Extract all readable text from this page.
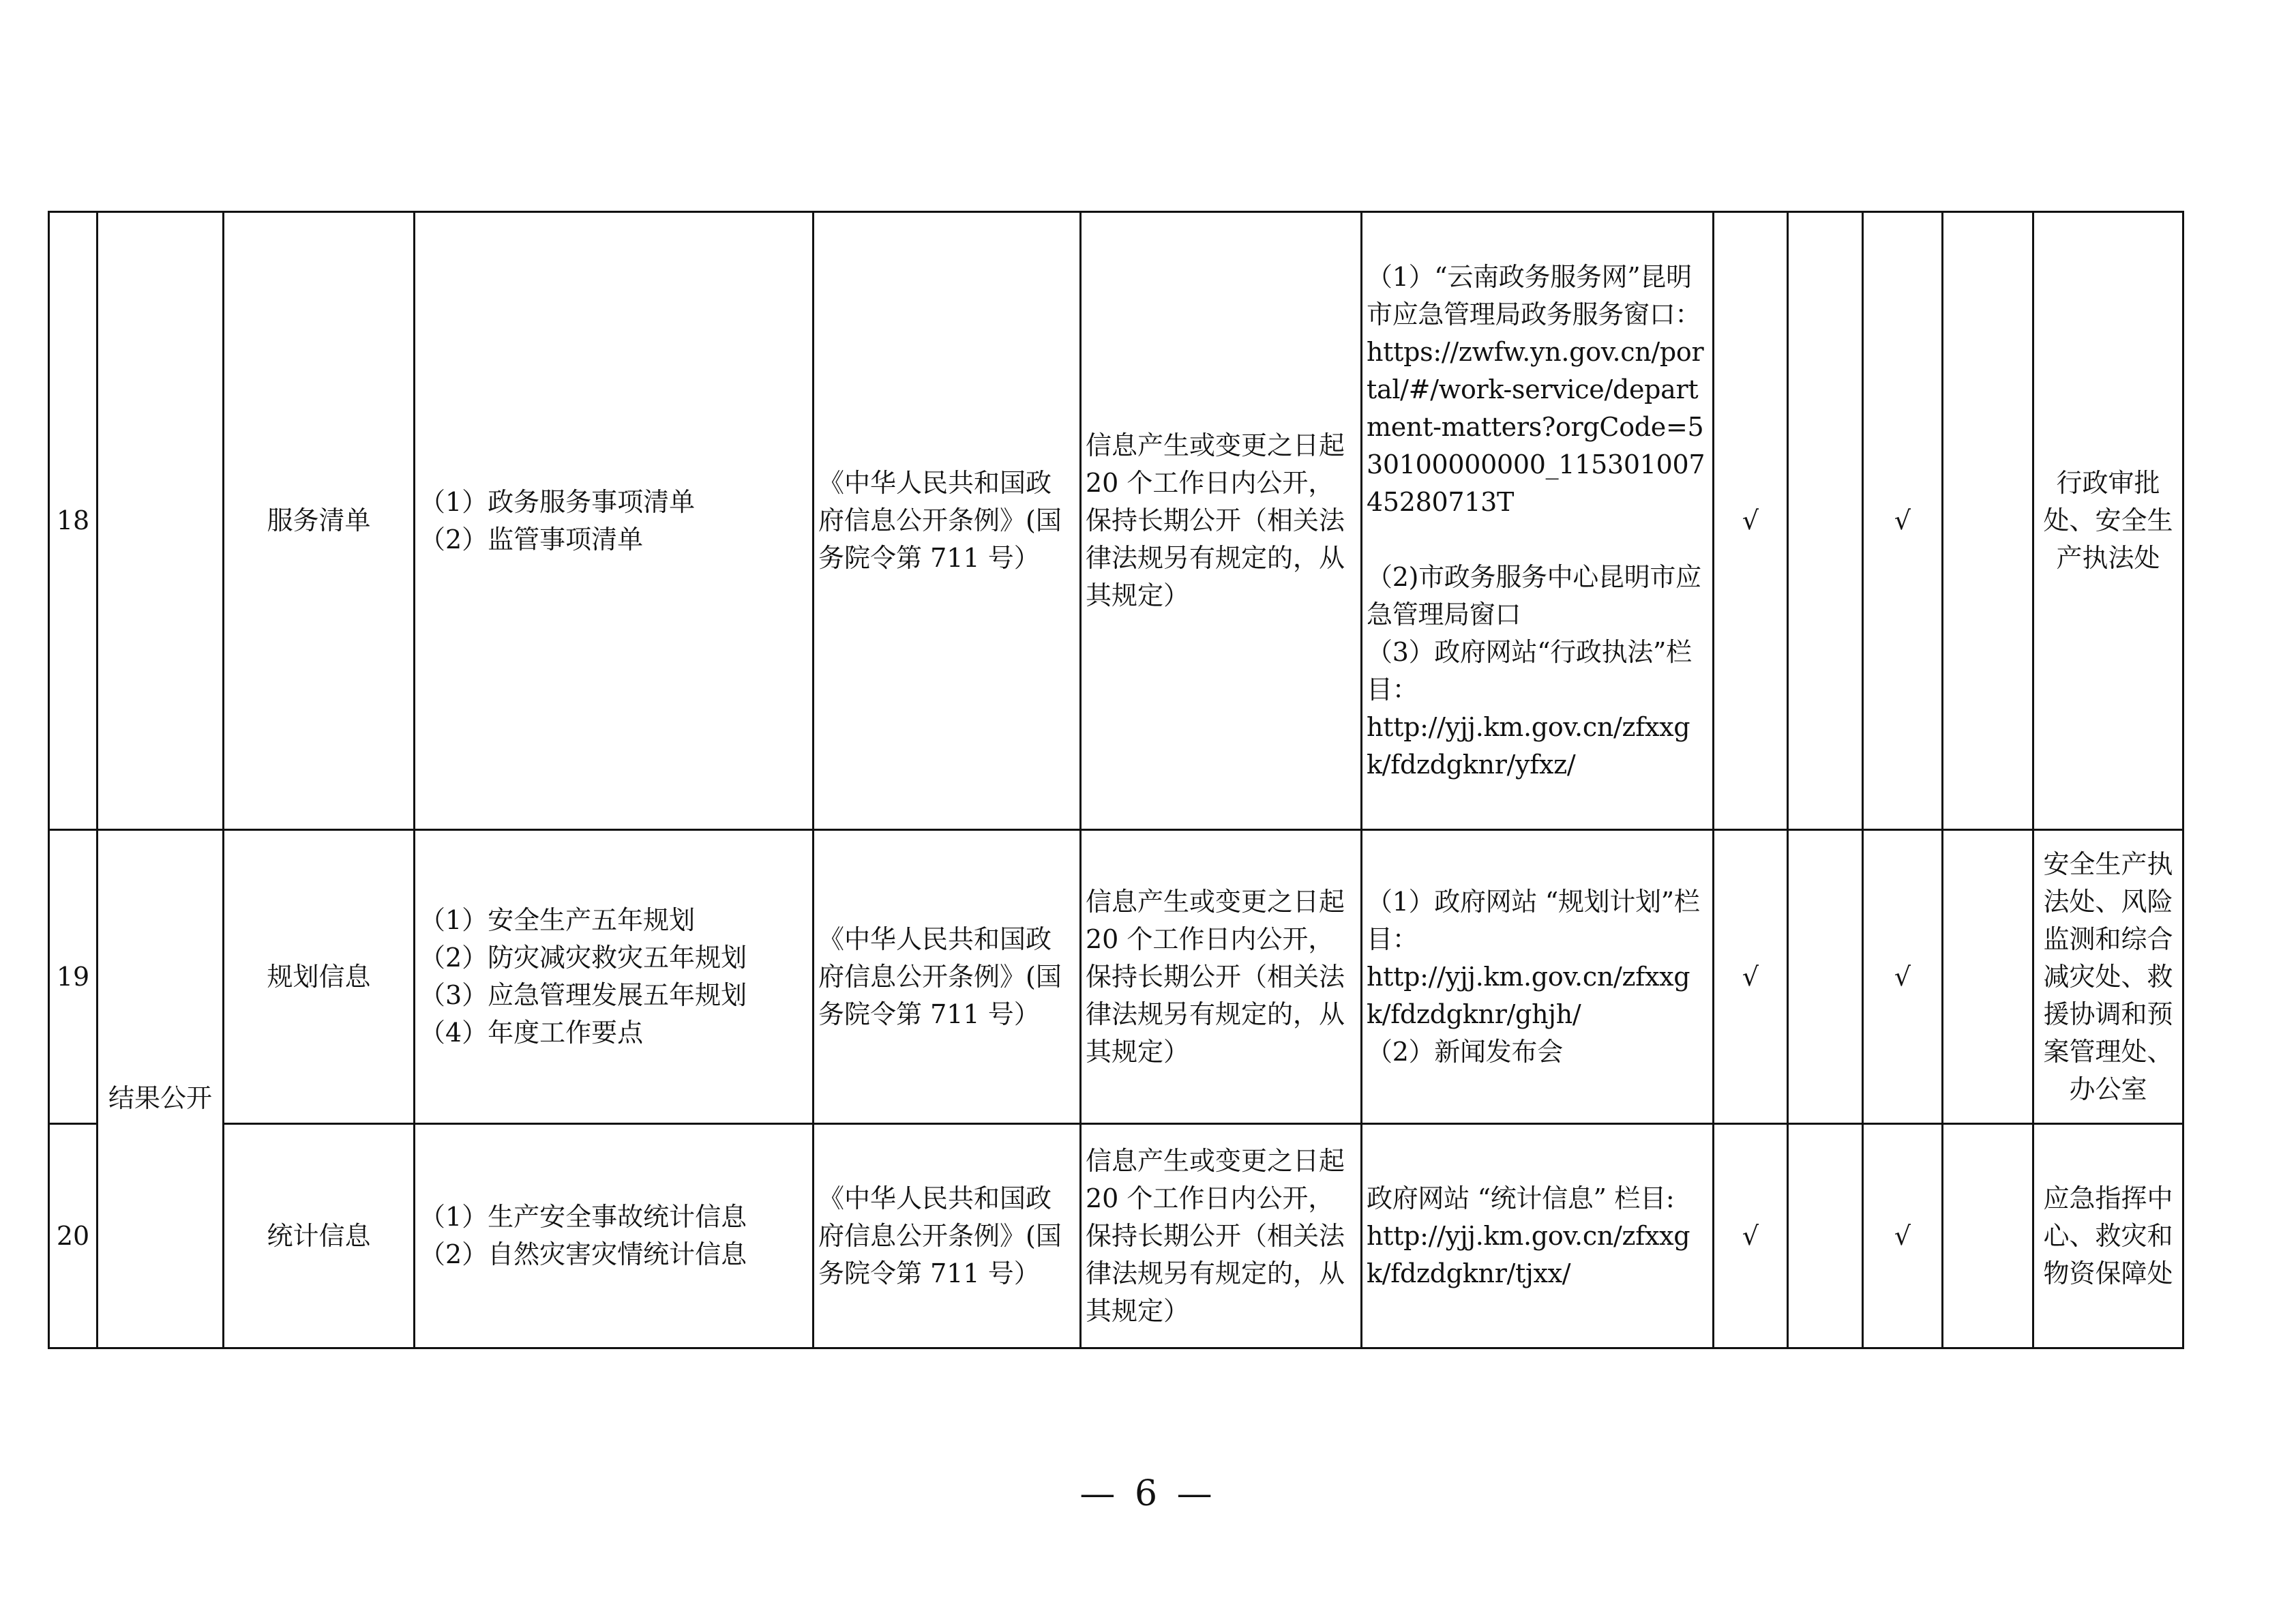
18		服务清单	（1）政务服务事项清单
（2）监管事项清单	《中华人民共和国政府信息公开条例》(国务院令第 711 号）	信息产生或变更之日起 20 个工作日内公开，保持长期公开（相关法律法规另有规定的，从其规定）	（1）“云南政务服务网”昆明市应急管理局政务服务窗口：
https://zwfw.yn.gov.cn/portal/#/work-service/department-matters?orgCode=530100000000_11530100745280713T
（2)市政务服务中心昆明市应急管理局窗口
（3）政府网站“行政执法”栏目：
http://yjj.km.gov.cn/zfxxgk/fdzdgknr/yfxz/	√		√		行政审批处、安全生产执法处
19	结果公开	规划信息	（1）安全生产五年规划
（2）防灾减灾救灾五年规划
（3）应急管理发展五年规划
（4）年度工作要点	《中华人民共和国政府信息公开条例》(国务院令第 711 号）	信息产生或变更之日起 20 个工作日内公开，保持长期公开（相关法律法规另有规定的，从其规定）	（1）政府网站 “规划计划”栏目：
http://yjj.km.gov.cn/zfxxgk/fdzdgknr/ghjh/
（2）新闻发布会	√		√		安全生产执法处、风险监测和综合减灾处、救援协调和预案管理处、办公室
20		统计信息	（1）生产安全事故统计信息
（2）自然灾害灾情统计信息	《中华人民共和国政府信息公开条例》(国务院令第 711 号）	信息产生或变更之日起 20 个工作日内公开，保持长期公开（相关法律法规另有规定的，从其规定）	政府网站 “统计信息” 栏目:
http://yjj.km.gov.cn/zfxxgk/fdzdgknr/tjxx/	√		√		应急指挥中心、救灾和物资保障处
— 6 —
